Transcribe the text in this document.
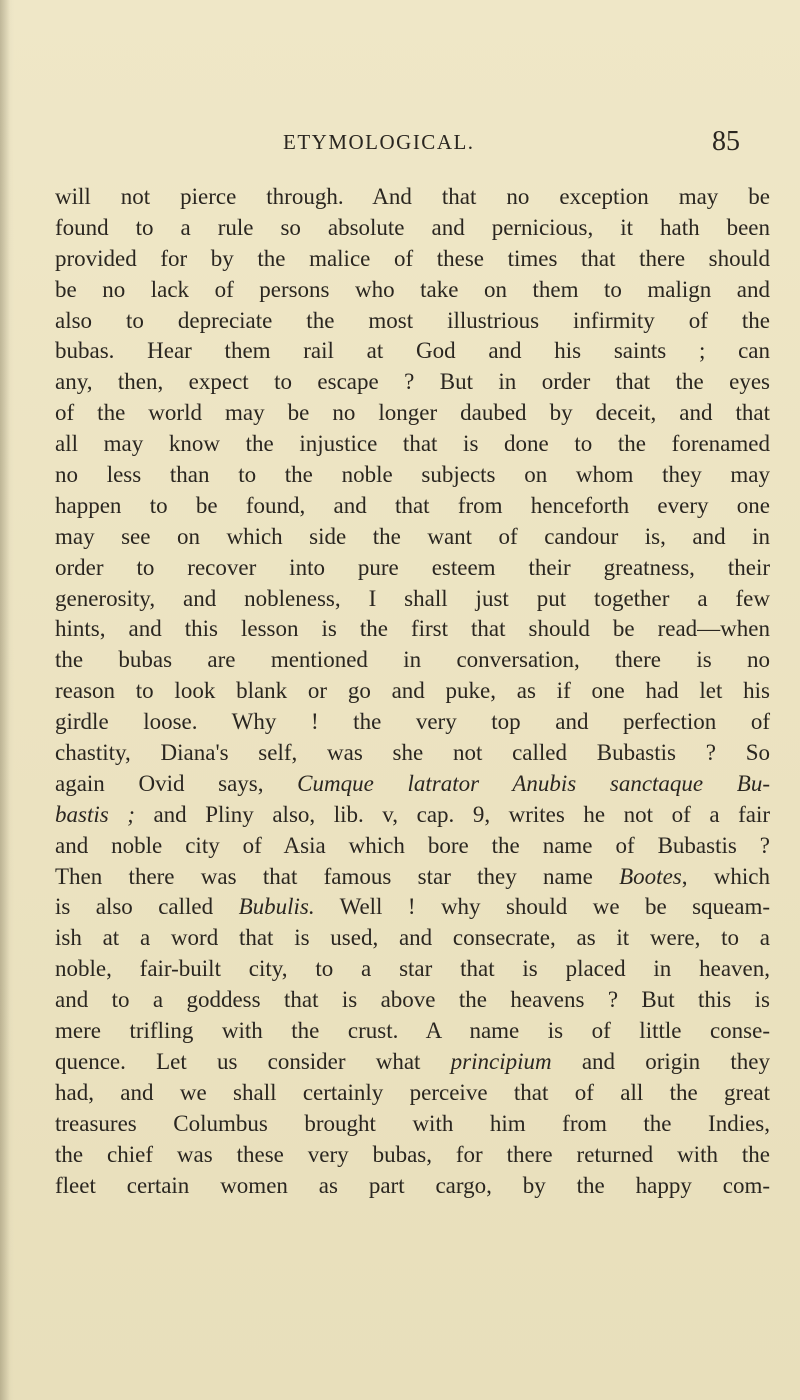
ETYMOLOGICAL.	85
will not pierce through. And that no exception may be
found to a rule so absolute and pernicious, it hath been
provided for by the malice of these times that there should
be no lack of persons who take on them to malign and
also to depreciate the most illustrious infirmity of the
bubas. Hear them rail at God and his saints ; can
any, then, expect to escape ? But in order that the eyes
of the world may be no longer daubed by deceit, and that
all may know the injustice that is done to the forenamed
no less than to the noble subjects on whom they may
happen to be found, and that from henceforth every one
may see on which side the want of candour is, and in
order to recover into pure esteem their greatness, their
generosity, and nobleness, I shall just put together a few
hints, and this lesson is the first that should be read—when
the bubas are mentioned in conversation, there is no
reason to look blank or go and puke, as if one had let his
girdle loose. Why ! the very top and perfection of
chastity, Diana's self, was she not called Bubastis ? So
again Ovid says, Cumque latrator Anubis sanctaque Bu-
bastis ; and Pliny also, lib. v, cap. 9, writes he not of a fair
and noble city of Asia which bore the name of Bubastis ?
Then there was that famous star they name Bootes, which
is also called Bubulis. Well ! why should we be squeam-
ish at a word that is used, and consecrate, as it were, to a
noble, fair-built city, to a star that is placed in heaven,
and to a goddess that is above the heavens ? But this is
mere trifling with the crust. A name is of little conse-
quence. Let us consider what principium and origin they
had, and we shall certainly perceive that of all the great
treasures Columbus brought with him from the Indies,
the chief was these very bubas, for there returned with the
fleet certain women as part cargo, by the happy com-
